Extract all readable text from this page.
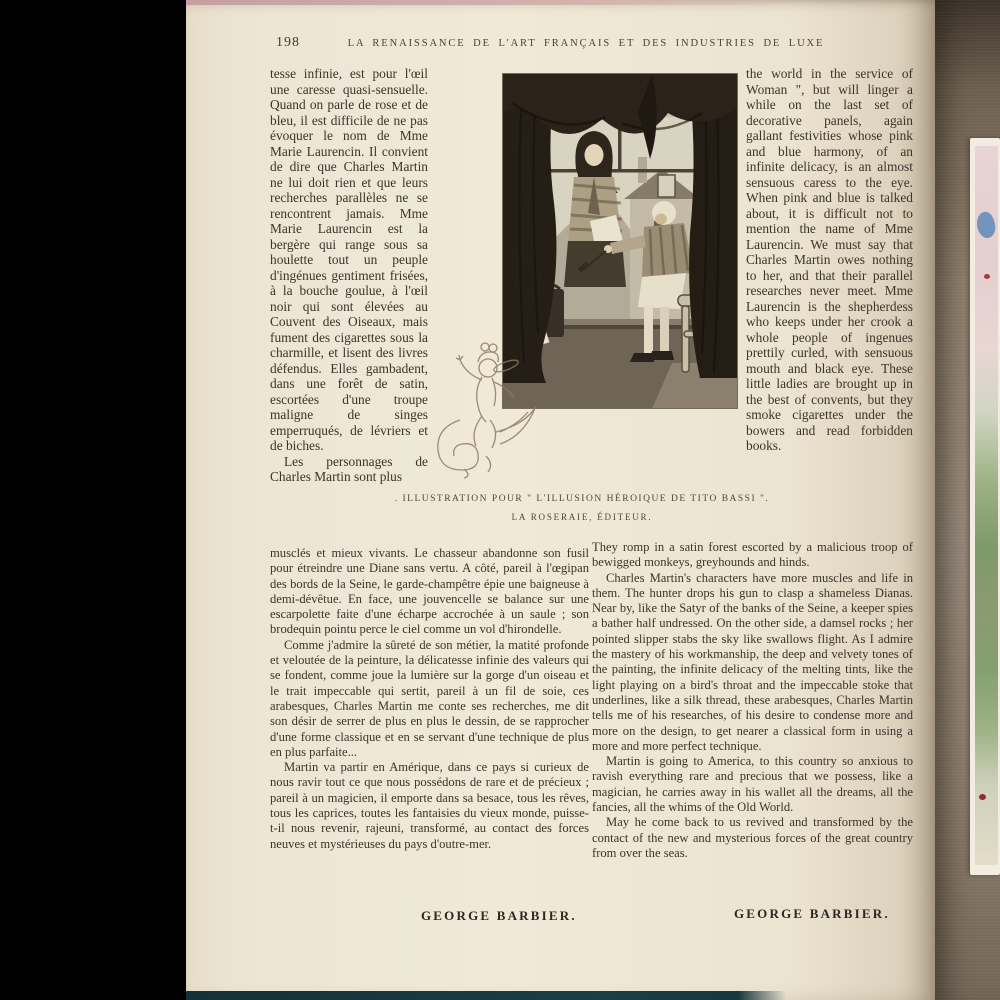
198	LA RENAISSANCE DE L'ART FRANÇAIS ET DES INDUSTRIES DE LUXE

tesse infinie, est pour l'œil une caresse quasi-sensuelle. Quand on parle de rose et de bleu, il est difficile de ne pas évoquer le nom de Mme Marie Laurencin. Il convient de dire que Charles Martin ne lui doit rien et que leurs recherches parallèles ne se rencontrent jamais. Mme Marie Laurencin est la bergère qui range sous sa houlette tout un peuple d'ingénues gentiment frisées, à la bouche goulue, à l'œil noir qui sont élevées au Couvent des Oiseaux, mais fument des cigarettes sous la charmille, et lisent des livres défendus. Elles gambadent, dans une forêt de satin, escortées d'une troupe maligne de singes emperruqués, de lévriers et de biches.

Les personnages de Charles Martin sont plus

the world in the service of Woman ", but will linger a while on the last set of decorative panels, again gallant festivities whose pink and blue harmony, of an infinite delicacy, is an almost sensuous caress to the eye. When pink and blue is talked about, it is difficult not to mention the name of Mme Laurencin. We must say that Charles Martin owes nothing to her, and that their parallel researches never meet. Mme Laurencin is the shepherdess who keeps under her crook a whole people of ingenues prettily curled, with sensuous mouth and black eye. These little ladies are brought up in the best of convents, but they smoke cigarettes under the bowers and read forbidden books.

. ILLUSTRATION POUR " L'ILLUSION HÉROIQUE DE TITO BASSI ".
LA ROSERAIE, ÉDITEUR.

musclés et mieux vivants. Le chasseur abandonne son fusil pour étreindre une Diane sans vertu. A côté, pareil à l'œgipan des bords de la Seine, le garde-champêtre épie une baigneuse à demi-dévêtue. En face, une jouvencelle se balance sur une escarpolette faite d'une écharpe accrochée à un saule ; son brodequin pointu perce le ciel comme un vol d'hirondelle.

Comme j'admire la sûreté de son métier, la matité profonde et veloutée de la peinture, la délicatesse infinie des valeurs qui se fondent, comme joue la lumière sur la gorge d'un oiseau et le trait impeccable qui sertit, pareil à un fil de soie, ces arabesques, Charles Martin me conte ses recherches, me dit son désir de serrer de plus en plus le dessin, de se rapprocher d'une forme classique et en se servant d'une technique de plus en plus parfaite...

Martin va partir en Amérique, dans ce pays si curieux de nous ravir tout ce que nous possédons de rare et de précieux ; pareil à un magicien, il emporte dans sa besace, tous les rêves, tous les caprices, toutes les fantaisies du vieux monde, puisse-t-il nous revenir, rajeuni, transformé, au contact des forces neuves et mystérieuses du pays d'outre-mer.

They romp in a satin forest escorted by a malicious troop of bewigged monkeys, greyhounds and hinds.

Charles Martin's characters have more muscles and life in them. The hunter drops his gun to clasp a shameless Dianas. Near by, like the Satyr of the banks of the Seine, a keeper spies a bather half undressed. On the other side, a damsel rocks ; her pointed slipper stabs the sky like swallows flight. As I admire the mastery of his workmanship, the deep and velvety tones of the painting, the infinite delicacy of the melting tints, like the light playing on a bird's throat and the impeccable stoke that underlines, like a silk thread, these arabesques, Charles Martin tells me of his researches, of his desire to condense more and more on the design, to get nearer a classical form in using a more and more perfect technique.

Martin is going to America, to this country so anxious to ravish everything rare and precious that we possess, like a magician, he carries away in his wallet all the dreams, all the fancies, all the whims of the Old World.

May he come back to us revived and transformed by the contact of the new and mysterious forces of the great country from over the seas.

GEORGE BARBIER.	GEORGE BARBIER.
